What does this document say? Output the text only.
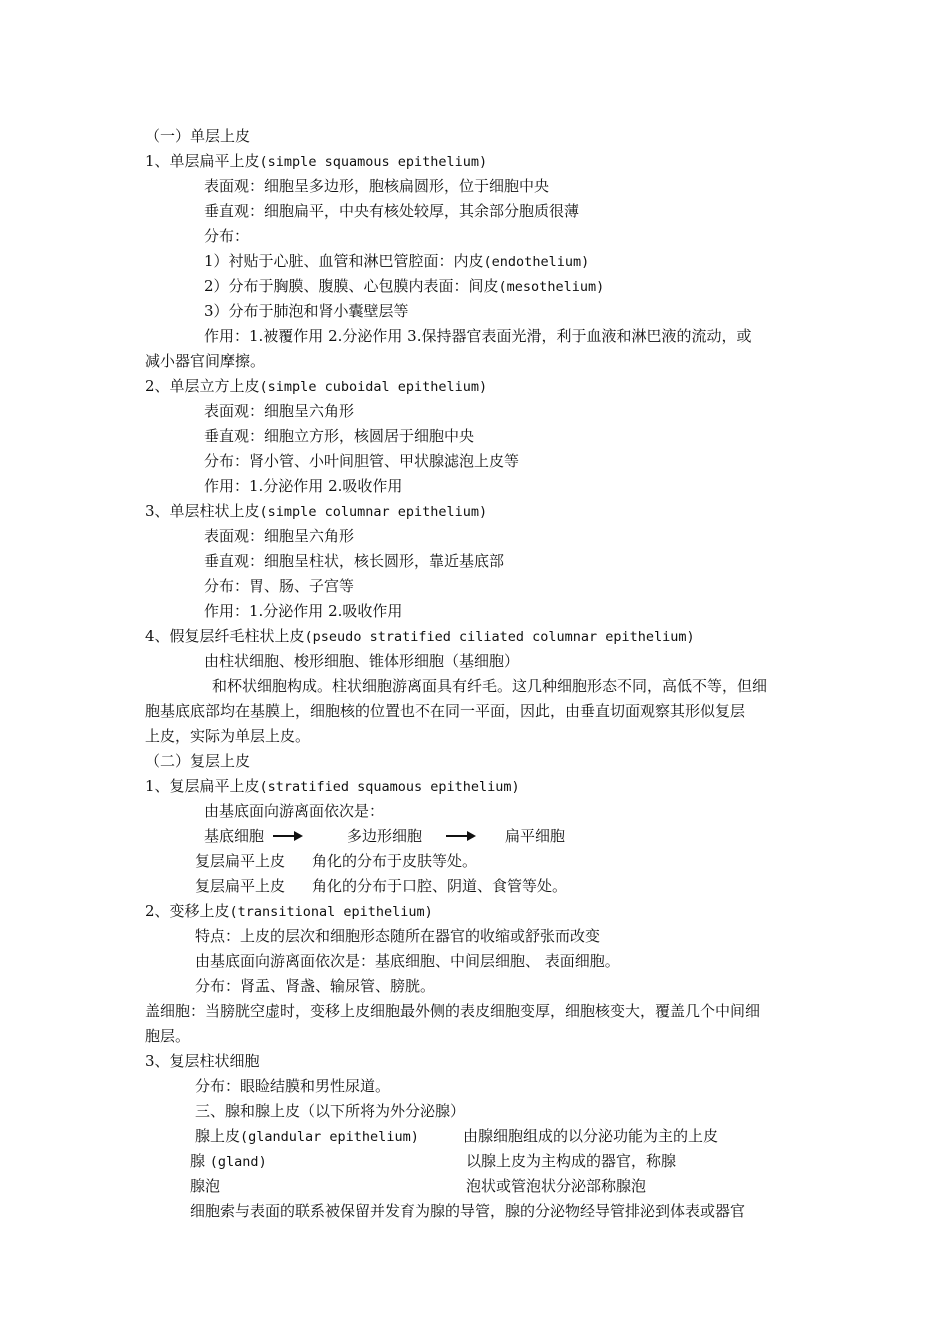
（一）单层上皮
1、单层扁平上皮(simple squamous epithelium)
表面观：细胞呈多边形，胞核扁圆形，位于细胞中央
垂直观：细胞扁平，中央有核处较厚，其余部分胞质很薄
分布：
1）衬贴于心脏、血管和淋巴管腔面：内皮(endothelium)
2）分布于胸膜、腹膜、心包膜内表面：间皮(mesothelium)
3）分布于肺泡和肾小囊壁层等
作用：1.被覆作用 2.分泌作用 3.保持器官表面光滑，利于血液和淋巴液的流动，或
减小器官间摩擦。
2、单层立方上皮(simple cuboidal epithelium)
表面观：细胞呈六角形
垂直观：细胞立方形，核圆居于细胞中央
分布：肾小管、小叶间胆管、甲状腺滤泡上皮等
作用：1.分泌作用 2.吸收作用
3、单层柱状上皮(simple columnar epithelium)
表面观：细胞呈六角形
垂直观：细胞呈柱状，核长圆形，靠近基底部
分布：胃、肠、子宫等
作用：1.分泌作用 2.吸收作用
4、假复层纤毛柱状上皮(pseudo stratified ciliated columnar epithelium)
由柱状细胞、梭形细胞、锥体形细胞（基细胞）
和杯状细胞构成。柱状细胞游离面具有纤毛。这几种细胞形态不同，高低不等，但细
胞基底底部均在基膜上，细胞核的位置也不在同一平面，因此，由垂直切面观察其形似复层
上皮，实际为单层上皮。
（二）复层上皮
1、复层扁平上皮(stratified squamous epithelium)
由基底面向游离面依次是：
基底细胞	多边形细胞	扁平细胞
复层扁平上皮 角化的分布于皮肤等处。
复层扁平上皮 角化的分布于口腔、阴道、食管等处。
2、变移上皮(transitional epithelium)
特点：上皮的层次和细胞形态随所在器官的收缩或舒张而改变
由基底面向游离面依次是：基底细胞、中间层细胞、 表面细胞。
分布：肾盂、肾盏、输尿管、膀胱。
盖细胞：当膀胱空虚时，变移上皮细胞最外侧的表皮细胞变厚，细胞核变大，覆盖几个中间细
胞层。
3、复层柱状细胞
分布：眼睑结膜和男性尿道。
三、腺和腺上皮（以下所将为外分泌腺）
腺上皮(glandular epithelium)	由腺细胞组成的以分泌功能为主的上皮
腺 (gland)	以腺上皮为主构成的器官，称腺
腺泡	泡状或管泡状分泌部称腺泡
细胞索与表面的联系被保留并发育为腺的导管，腺的分泌物经导管排泌到体表或器官
